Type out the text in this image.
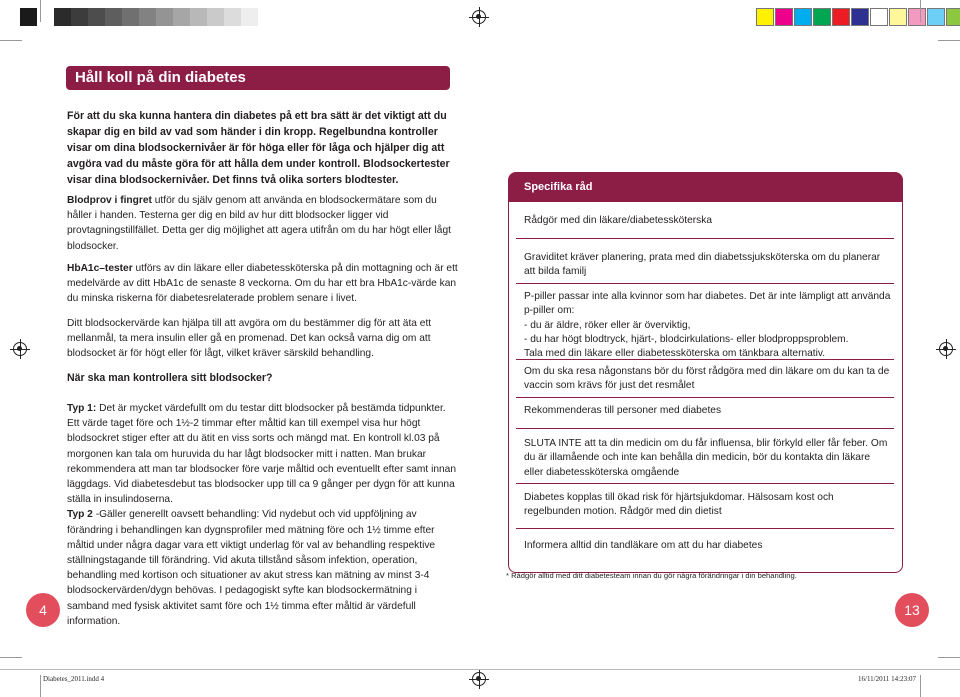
Håll koll på din diabetes
För att du ska kunna hantera din diabetes på ett bra sätt är det viktigt att du skapar dig en bild av vad som händer i din kropp. Regelbundna kontroller visar om dina blodsockernivåer är för höga eller för låga och hjälper dig att avgöra vad du måste göra för att hålla dem under kontroll. Blodsockertester visar dina blodsockernivåer. Det finns två olika sorters blodtester.
Blodprov i fingret utför du själv genom att använda en blodsockermätare som du håller i handen. Testerna ger dig en bild av hur ditt blodsocker ligger vid provtagningstillfället. Detta ger dig möjlighet att agera utifrån om du har högt eller lågt blodsocker.
HbA1c–tester utförs av din läkare eller diabetessköterska på din mottagning och är ett medelvärde av ditt HbA1c de senaste 8 veckorna. Om du har ett bra HbA1c-värde kan du minska riskerna för diabetesrelaterade problem senare i livet.
Ditt blodsockervärde kan hjälpa till att avgöra om du bestämmer dig för att äta ett mellanmål, ta mera insulin eller gå en promenad. Det kan också varna dig om att blodsocket är för högt eller för lågt, vilket kräver särskild behandling.
När ska man kontrollera sitt blodsocker?
Typ 1: Det är mycket värdefullt om du testar ditt blodsocker på bestämda tidpunkter. Ett värde taget före och 1½-2 timmar efter måltid kan till exempel visa hur högt blodsockret stiger efter att du ätit en viss sorts och mängd mat. En kontroll kl.03 på morgonen kan tala om huruvida du har lågt blodsocker mitt i natten. Man brukar rekommendera att man tar blodsocker före varje måltid och eventuellt efter samt innan läggdags. Vid diabetesdebut tas blodsocker upp till ca 9 gånger per dygn för att kunna ställa in insulindoserna.
Typ 2 -Gäller generellt oavsett behandling: Vid nydebut och vid uppföljning av förändring i behandlingen kan dygnsprofiler med mätning före och 1½ timme efter måltid under några dagar vara ett viktigt underlag för val av behandling respektive ställningstagande till förändring. Vid akuta tillstånd såsom infektion, operation, behandling med kortison och situationer av akut stress kan mätning av minst 3-4 blodsockervärden/dygn behövas. I pedagogiskt syfte kan blodsockermätning i samband med fysisk aktivitet samt före och 1½ timma efter måltid är värdefull information.
4
Specifika råd
Rådgör med din läkare/diabetessköterska
Graviditet kräver planering, prata med din diabetssjuksköterska om du planerar att bilda familj
P-piller passar inte alla kvinnor som har diabetes. Det är inte lämpligt att använda p-piller om:
- du är äldre, röker eller är överviktig,
- du har högt blodtryck, hjärt-, blodcirkulations- eller blodproppsproblem.
Tala med din läkare eller diabetessköterska om tänkbara alternativ.
Om du ska resa någonstans bör du först rådgöra med din läkare om du kan ta de vaccin som krävs för just det resmålet
Rekommenderas till personer med diabetes
SLUTA INTE att ta din medicin om du får influensa, blir förkyld eller får feber. Om du är illamående och inte kan behålla din medicin, bör du kontakta din läkare eller diabetessköterska omgående
Diabetes kopplas till ökad risk för hjärtsjukdomar. Hälsosam kost och regelbunden motion. Rådgör med din dietist
Informera alltid din tandläkare om att du har diabetes
* Rådgör alltid med ditt diabetesteam innan du gör några förändringar i din behandling.
13
Diabetes_2011.indd 4	16/11/2011 14:23:07
